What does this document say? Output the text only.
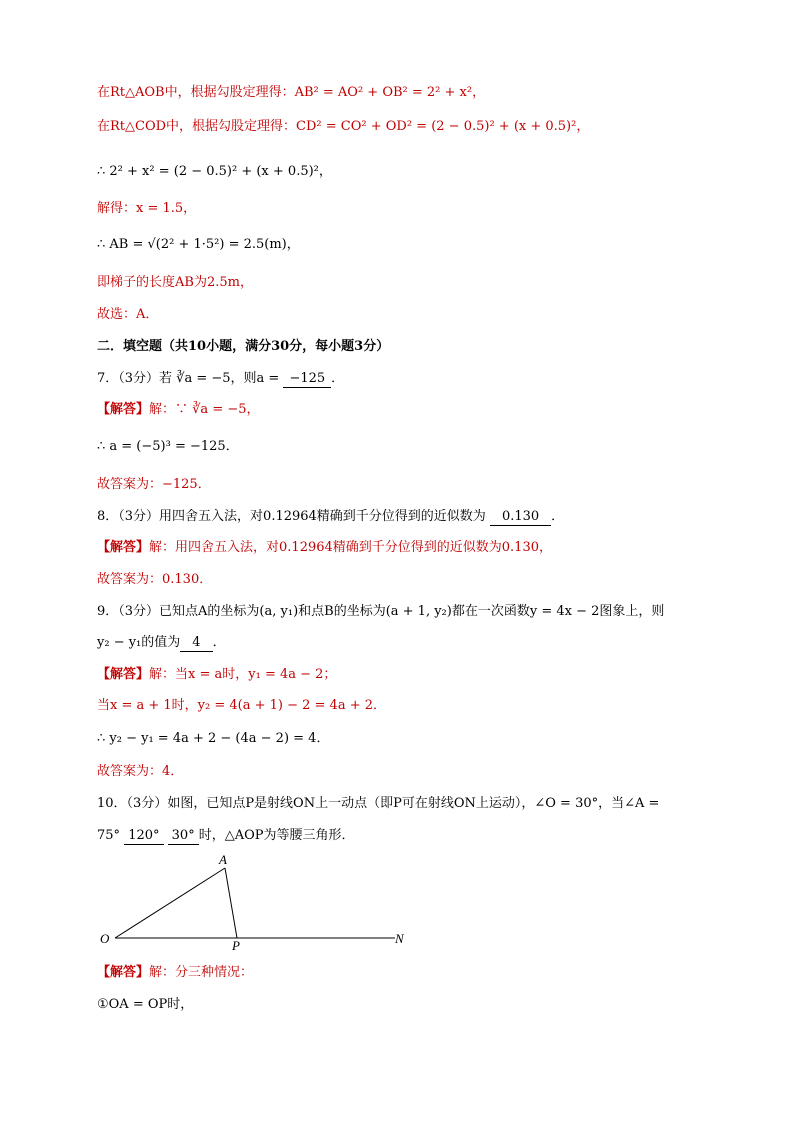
在Rt△AOB中，根据勾股定理得：AB² = AO² + OB² = 2² + x²，
在Rt△COD中，根据勾股定理得：CD² = CO² + OD² = (2 − 0.5)² + (x + 0.5)²，
∴ 2² + x² = (2 − 0.5)² + (x + 0.5)²，
解得：x = 1.5，
∴ AB = √(2² + 1·5²) = 2.5(m)，
即梯子的长度AB为2.5m，
故选：A．
二．填空题（共10小题，满分30分，每小题3分）
7．（3分）若 ∛a = −5，则a = −125 ．
【解答】解：∵ ∛a = −5，
∴ a = (−5)³ = −125．
故答案为：−125．
8．（3分）用四舍五入法，对0.12964精确到千分位得到的近似数为 0.130 ．
【解答】解：用四舍五入法，对0.12964精确到千分位得到的近似数为0.130，
故答案为：0.130．
9．（3分）已知点A的坐标为(a, y₁)和点B的坐标为(a + 1, y₂)都在一次函数y = 4x − 2图象上，则
y₂ − y₁的值为 4 ．
【解答】解：当x = a时，y₁ = 4a − 2；
当x = a + 1时，y₂ = 4(a + 1) − 2 = 4a + 2．
∴ y₂ − y₁ = 4a + 2 − (4a − 2) = 4．
故答案为：4．
10．（3分）如图，已知点P是射线ON上一动点（即P可在射线ON上运动），∠O = 30°，当∠A =
75° 120° 30° 时，△AOP为等腰三角形．
A
O	P	N
【解答】解：分三种情况：
①OA = OP时，
